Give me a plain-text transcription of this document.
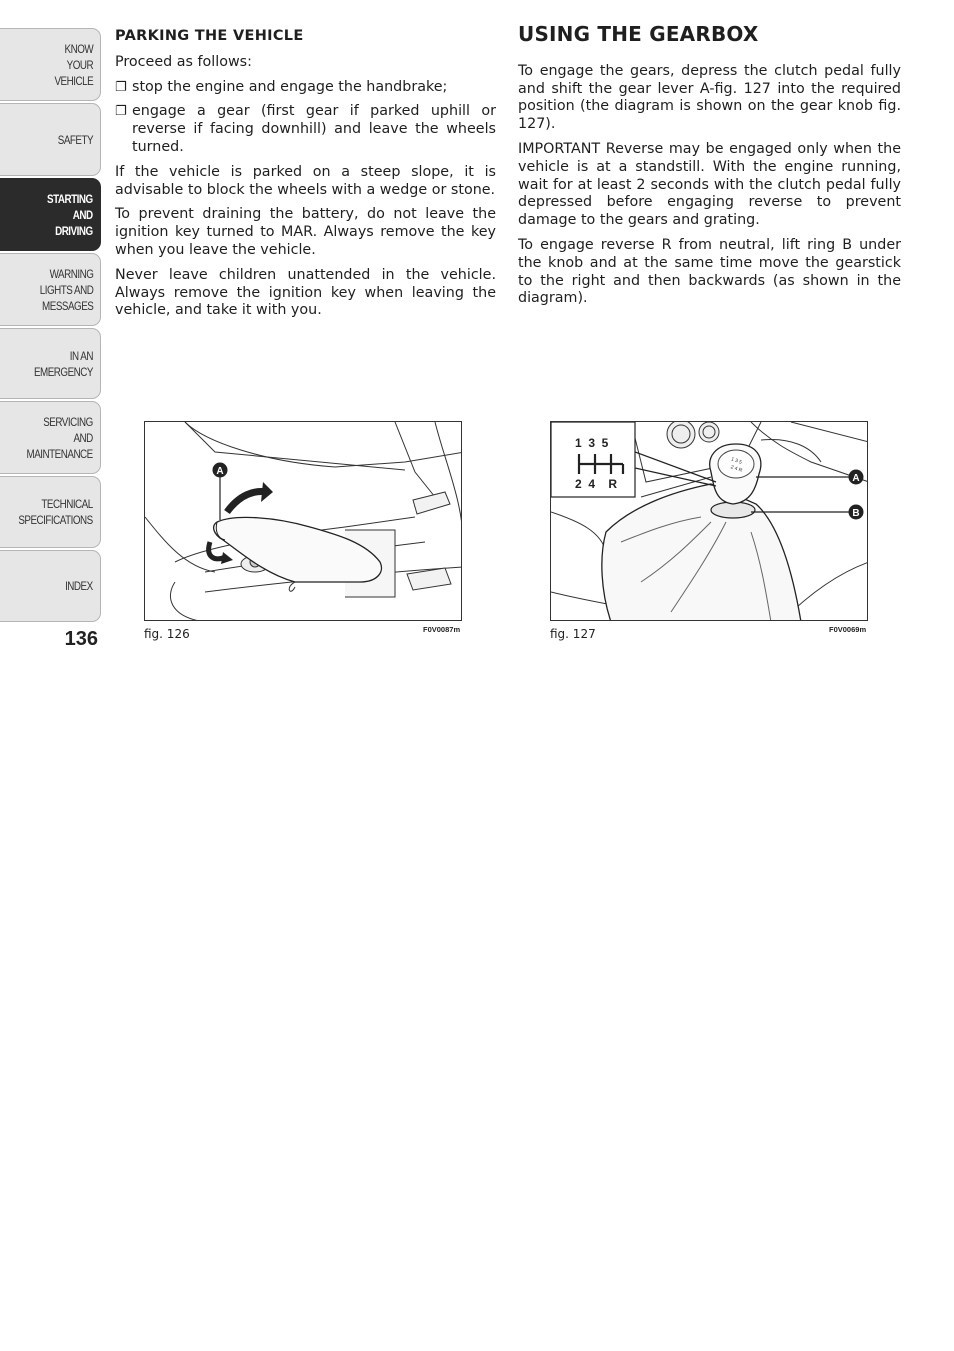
KNOW
YOUR
VEHICLE
SAFETY
STARTING
AND
DRIVING
WARNING
LIGHTS AND
MESSAGES
IN AN
EMERGENCY
SERVICING
AND
MAINTENANCE
TECHNICAL
SPECIFICATIONS
INDEX
136
PARKING THE VEHICLE

Proceed as follows:

❐ stop the engine and engage the handbrake;
❐ engage a gear (first gear if parked uphill or reverse if facing downhill) and leave the wheels turned.

If the vehicle is parked on a steep slope, it is advisable to block the wheels with a wedge or stone.

To prevent draining the battery, do not leave the ignition key turned to MAR. Always remove the key when you leave the vehicle.

Never leave children unattended in the vehicle. Always remove the ignition key when leaving the vehicle, and take it with you.

USING THE GEARBOX

To engage the gears, depress the clutch pedal fully and shift the gear lever A-fig. 127 into the required position (the diagram is shown on the gear knob fig. 127).

IMPORTANT Reverse may be engaged only when the vehicle is at a standstill. With the engine running, wait for at least 2 seconds with the clutch pedal fully depressed before engaging reverse to prevent damage to the gears and grating.

To engage reverse R from neutral, lift ring B under the knob and at the same time move the gearstick to the right and then backwards (as shown in the diagram).

A
fig. 126	F0V0087m
1 3 5
2 4 R
1  3  5
2  4    R	A
B
fig. 127	F0V0069m
